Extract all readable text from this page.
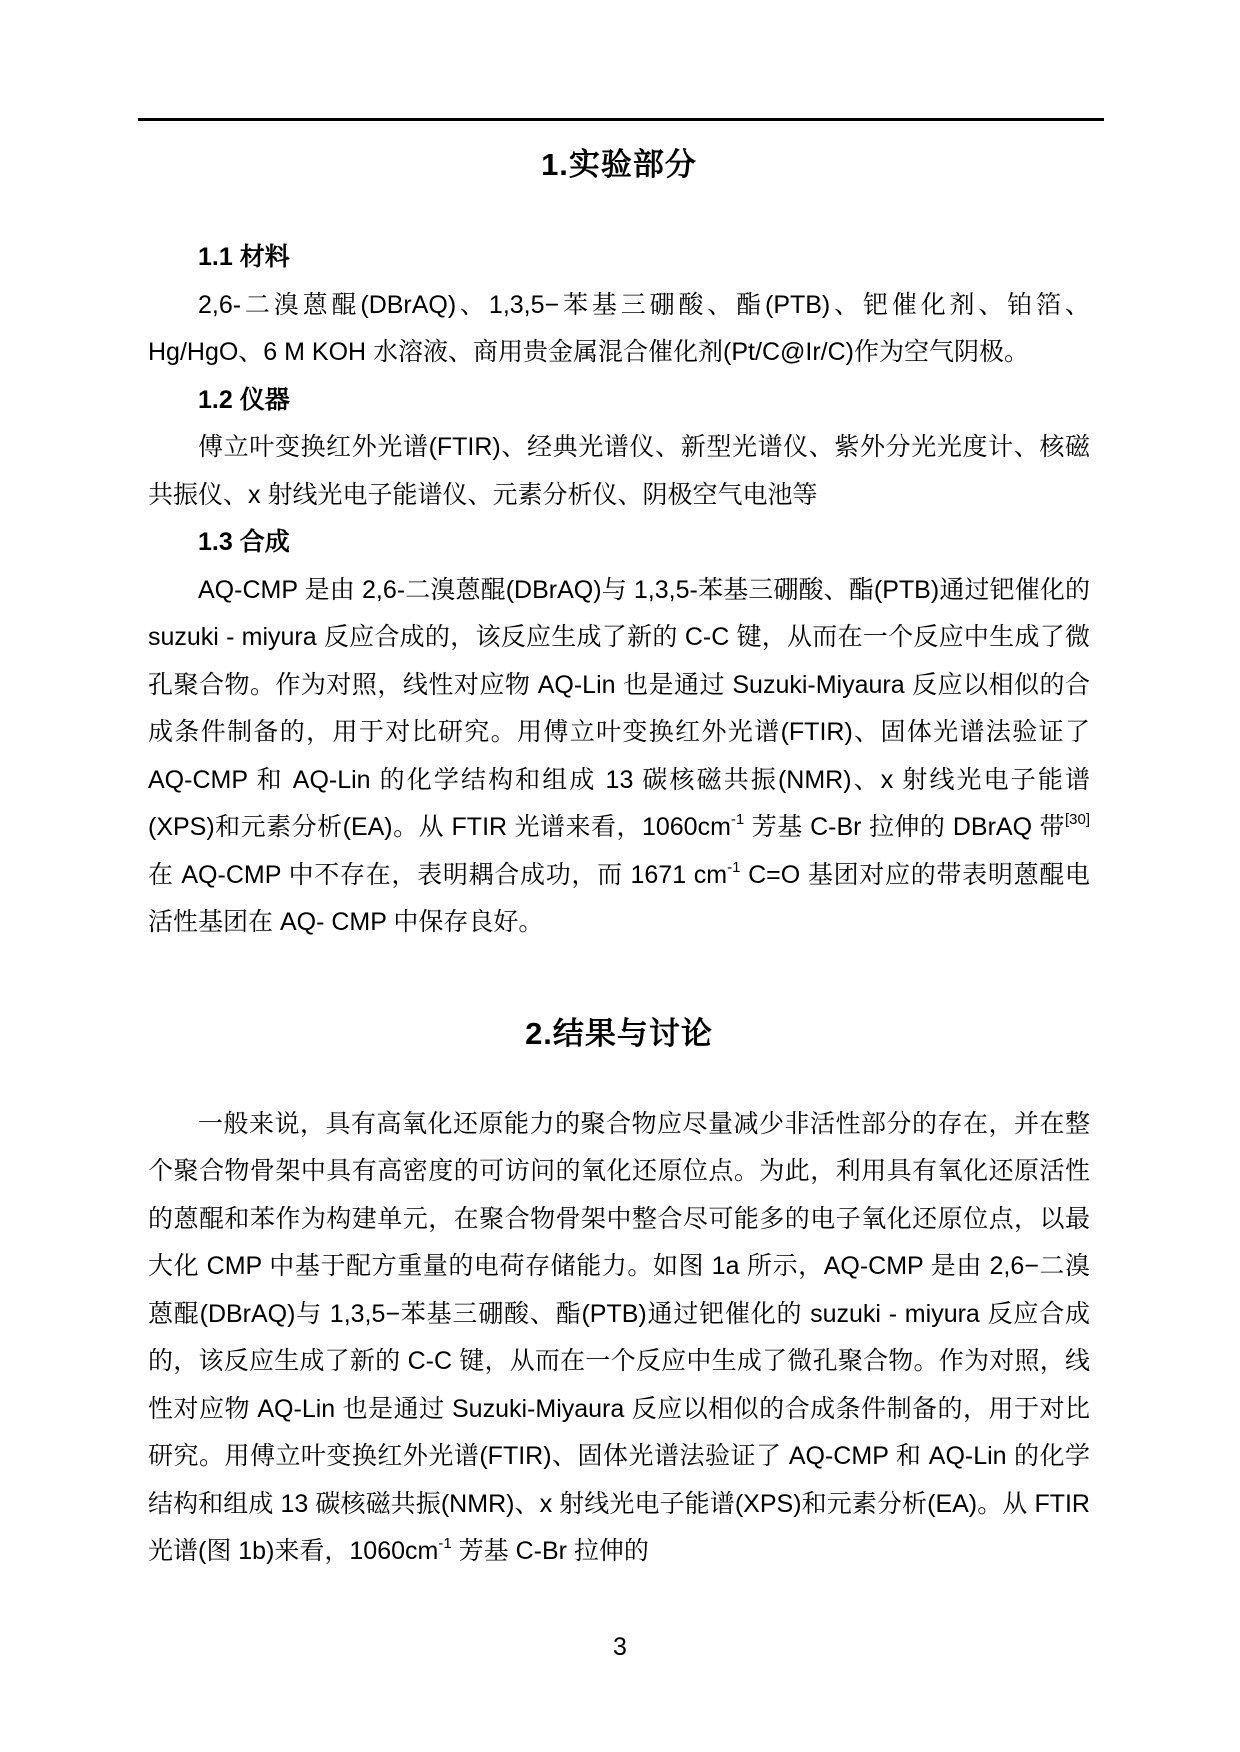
1.实验部分
1.1 材料

2,6-二溴蒽醌(DBrAQ)、1,3,5−苯基三硼酸、酯(PTB)、钯催化剂、铂箔、Hg/HgO、6 M KOH 水溶液、商用贵金属混合催化剂(Pt/C@Ir/C)作为空气阴极。

1.2 仪器

傅立叶变换红外光谱(FTIR)、经典光谱仪、新型光谱仪、紫外分光光度计、核磁共振仪、x 射线光电子能谱仪、元素分析仪、阴极空气电池等

1.3 合成

AQ-CMP 是由 2,6-二溴蒽醌(DBrAQ)与 1,3,5-苯基三硼酸、酯(PTB)通过钯催化的 suzuki - miyura 反应合成的，该反应生成了新的 C-C 键，从而在一个反应中生成了微孔聚合物。作为对照，线性对应物 AQ-Lin 也是通过 Suzuki-Miyaura 反应以相似的合成条件制备的，用于对比研究。用傅立叶变换红外光谱(FTIR)、固体光谱法验证了 AQ-CMP 和 AQ-Lin 的化学结构和组成 13 碳核磁共振(NMR)、x 射线光电子能谱(XPS)和元素分析(EA)。从 FTIR 光谱来看，$1060cm^{-1}$ 芳基 C-Br 拉伸的 DBrAQ 带[30]在 AQ-CMP 中不存在，表明耦合成功，而 1671 $cm^{-1}$ C=O 基团对应的带表明蒽醌电活性基团在 AQ- CMP 中保存良好。

2.结果与讨论

一般来说，具有高氧化还原能力的聚合物应尽量减少非活性部分的存在，并在整个聚合物骨架中具有高密度的可访问的氧化还原位点。为此，利用具有氧化还原活性的蒽醌和苯作为构建单元，在聚合物骨架中整合尽可能多的电子氧化还原位点，以最大化 CMP 中基于配方重量的电荷存储能力。如图 1a 所示，AQ-CMP 是由 2,6−二溴蒽醌(DBrAQ)与 1,3,5−苯基三硼酸、酯(PTB)通过钯催化的 suzuki - miyura 反应合成的，该反应生成了新的 C-C 键，从而在一个反应中生成了微孔聚合物。作为对照，线性对应物 AQ-Lin 也是通过 Suzuki-Miyaura 反应以相似的合成条件制备的，用于对比研究。用傅立叶变换红外光谱(FTIR)、固体光谱法验证了 AQ-CMP 和 AQ-Lin 的化学结构和组成 13 碳核磁共振(NMR)、x 射线光电子能谱(XPS)和元素分析(EA)。从 FTIR 光谱(图 1b)来看，$1060cm^{-1}$ 芳基 C-Br 拉伸的

3
